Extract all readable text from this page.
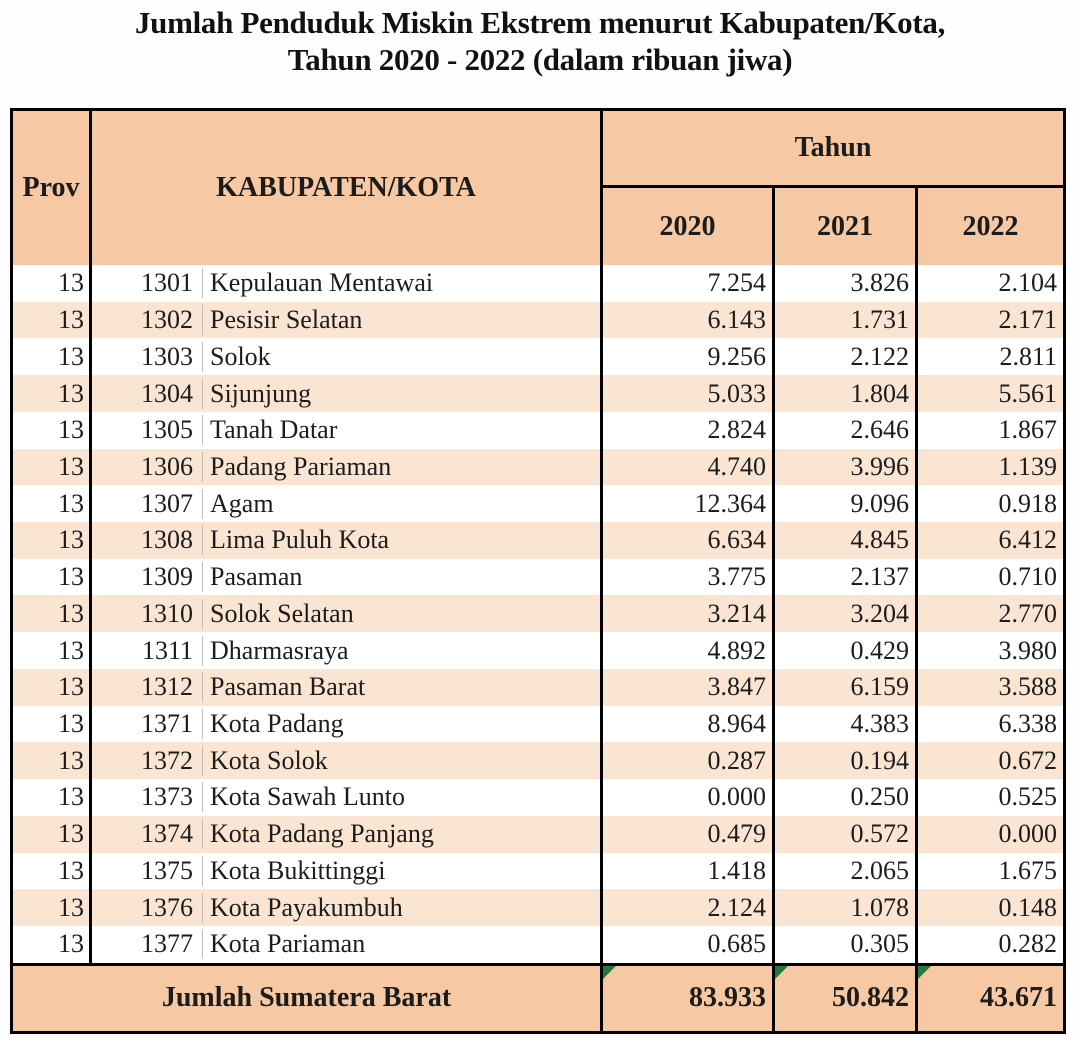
Jumlah Penduduk Miskin Ekstrem menurut Kabupaten/Kota,
Tahun 2020 - 2022 (dalam ribuan jiwa)
Prov	KABUPATEN/KOTA
Tahun
2020	2021	2022
13	1301 Kepulauan Mentawai	7.254	3.826	2.104
13	1302 Pesisir Selatan	6.143	1.731	2.171
13	1303 Solok	9.256	2.122	2.811
13	1304 Sijunjung	5.033	1.804	5.561
13	1305 Tanah Datar	2.824	2.646	1.867
13	1306 Padang Pariaman	4.740	3.996	1.139
13	1307 Agam	12.364	9.096	0.918
13	1308 Lima Puluh Kota	6.634	4.845	6.412
13	1309 Pasaman	3.775	2.137	0.710
13	1310 Solok Selatan	3.214	3.204	2.770
13	1311 Dharmasraya	4.892	0.429	3.980
13	1312 Pasaman Barat	3.847	6.159	3.588
13	1371 Kota Padang	8.964	4.383	6.338
13	1372 Kota Solok	0.287	0.194	0.672
13	1373 Kota Sawah Lunto	0.000	0.250	0.525
13	1374 Kota Padang Panjang	0.479	0.572	0.000
13	1375 Kota Bukittinggi	1.418	2.065	1.675
13	1376 Kota Payakumbuh	2.124	1.078	0.148
13	1377 Kota Pariaman	0.685	0.305	0.282
Jumlah Sumatera Barat	83.933 50.842	43.671
